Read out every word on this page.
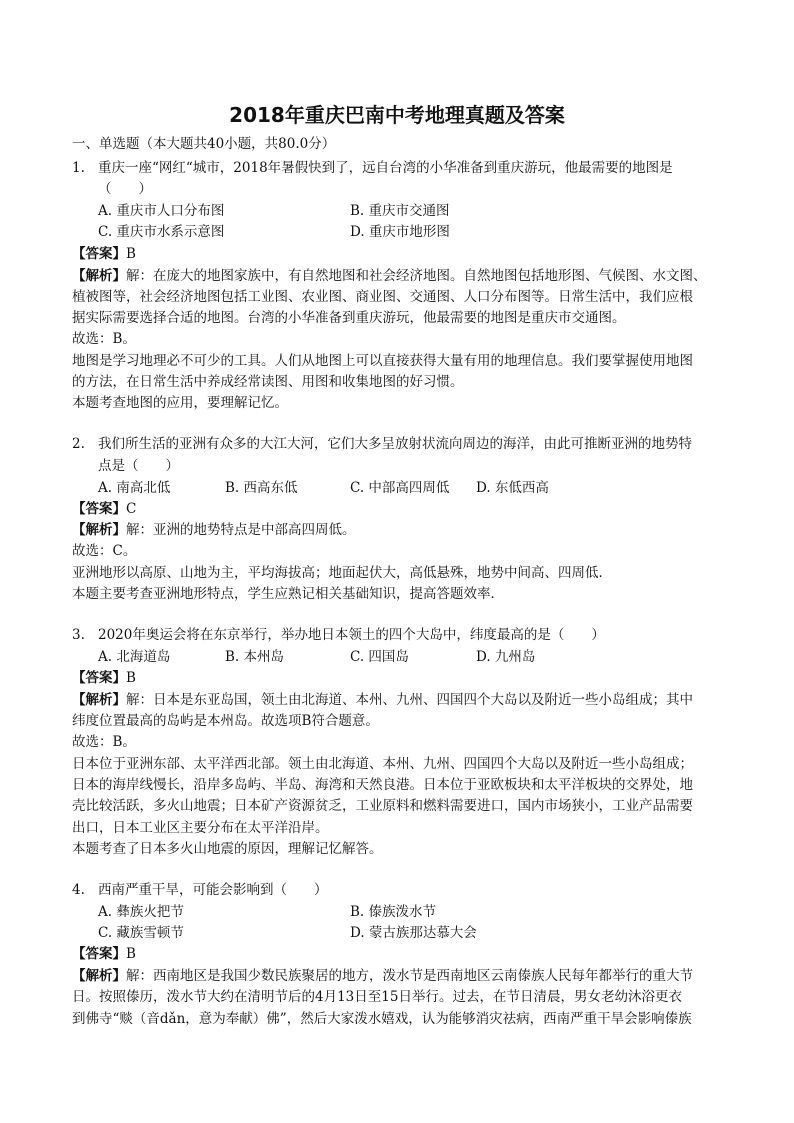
2018年重庆巴南中考地理真题及答案
一、单选题（本大题共40小题，共80.0分）
1. 重庆一座“网红“城市，2018年暑假快到了，远自台湾的小华准备到重庆游玩，他最需要的地图是
（　　）
A. 重庆市人口分布图	B. 重庆市交通图
C. 重庆市水系示意图	D. 重庆市地形图
【答案】B
【解析】解：在庞大的地图家族中，有自然地图和社会经济地图。自然地图包括地形图、气候图、水文图、
植被图等，社会经济地图包括工业图、农业图、商业图、交通图、人口分布图等。日常生活中，我们应根
据实际需要选择合适的地图。台湾的小华准备到重庆游玩，他最需要的地图是重庆市交通图。
故选：B。
地图是学习地理必不可少的工具。人们从地图上可以直接获得大量有用的地理信息。我们要掌握使用地图
的方法，在日常生活中养成经常读图、用图和收集地图的好习惯。
本题考查地图的应用，要理解记忆。
2. 我们所生活的亚洲有众多的大江大河，它们大多呈放射状流向周边的海洋，由此可推断亚洲的地势特
点是（　　）
A. 南高北低	B. 西高东低	C. 中部高四周低 D. 东低西高
【答案】C
【解析】解：亚洲的地势特点是中部高四周低。
故选：C。
亚洲地形以高原、山地为主，平均海拔高；地面起伏大，高低悬殊，地势中间高、四周低．
本题主要考查亚洲地形特点，学生应熟记相关基础知识，提高答题效率．
3. 2020年奥运会将在东京举行，举办地日本领土的四个大岛中，纬度最高的是（　　）
A. 北海道岛	B. 本州岛	C. 四国岛	D. 九州岛
【答案】B
【解析】解：日本是东亚岛国，领土由北海道、本州、九州、四国四个大岛以及附近一些小岛组成；其中
纬度位置最高的岛屿是本州岛。故选项B符合题意。
故选：B。
日本位于亚洲东部、太平洋西北部。领土由北海道、本州、九州、四国四个大岛以及附近一些小岛组成；
日本的海岸线慢长，沿岸多岛屿、半岛、海湾和天然良港。日本位于亚欧板块和太平洋板块的交界处，地
壳比较活跃，多火山地震；日本矿产资源贫乏，工业原料和燃料需要进口，国内市场狭小，工业产品需要
出口，日本工业区主要分布在太平洋沿岸。
本题考查了日本多火山地震的原因，理解记忆解答。
4. 西南严重干旱，可能会影响到（　　）
A. 彝族火把节	B. 傣族泼水节
C. 藏族雪顿节	D. 蒙古族那达慕大会
【答案】B
【解析】解：西南地区是我国少数民族聚居的地方，泼水节是西南地区云南傣族人民每年都举行的重大节
日。按照傣历，泼水节大约在清明节后的4月13日至15日举行。过去，在节日清晨，男女老幼沐浴更衣
到佛寺“赕（音dǎn，意为奉献）佛”，然后大家泼水嬉戏，认为能够消灾祛病，西南严重干旱会影响傣族
